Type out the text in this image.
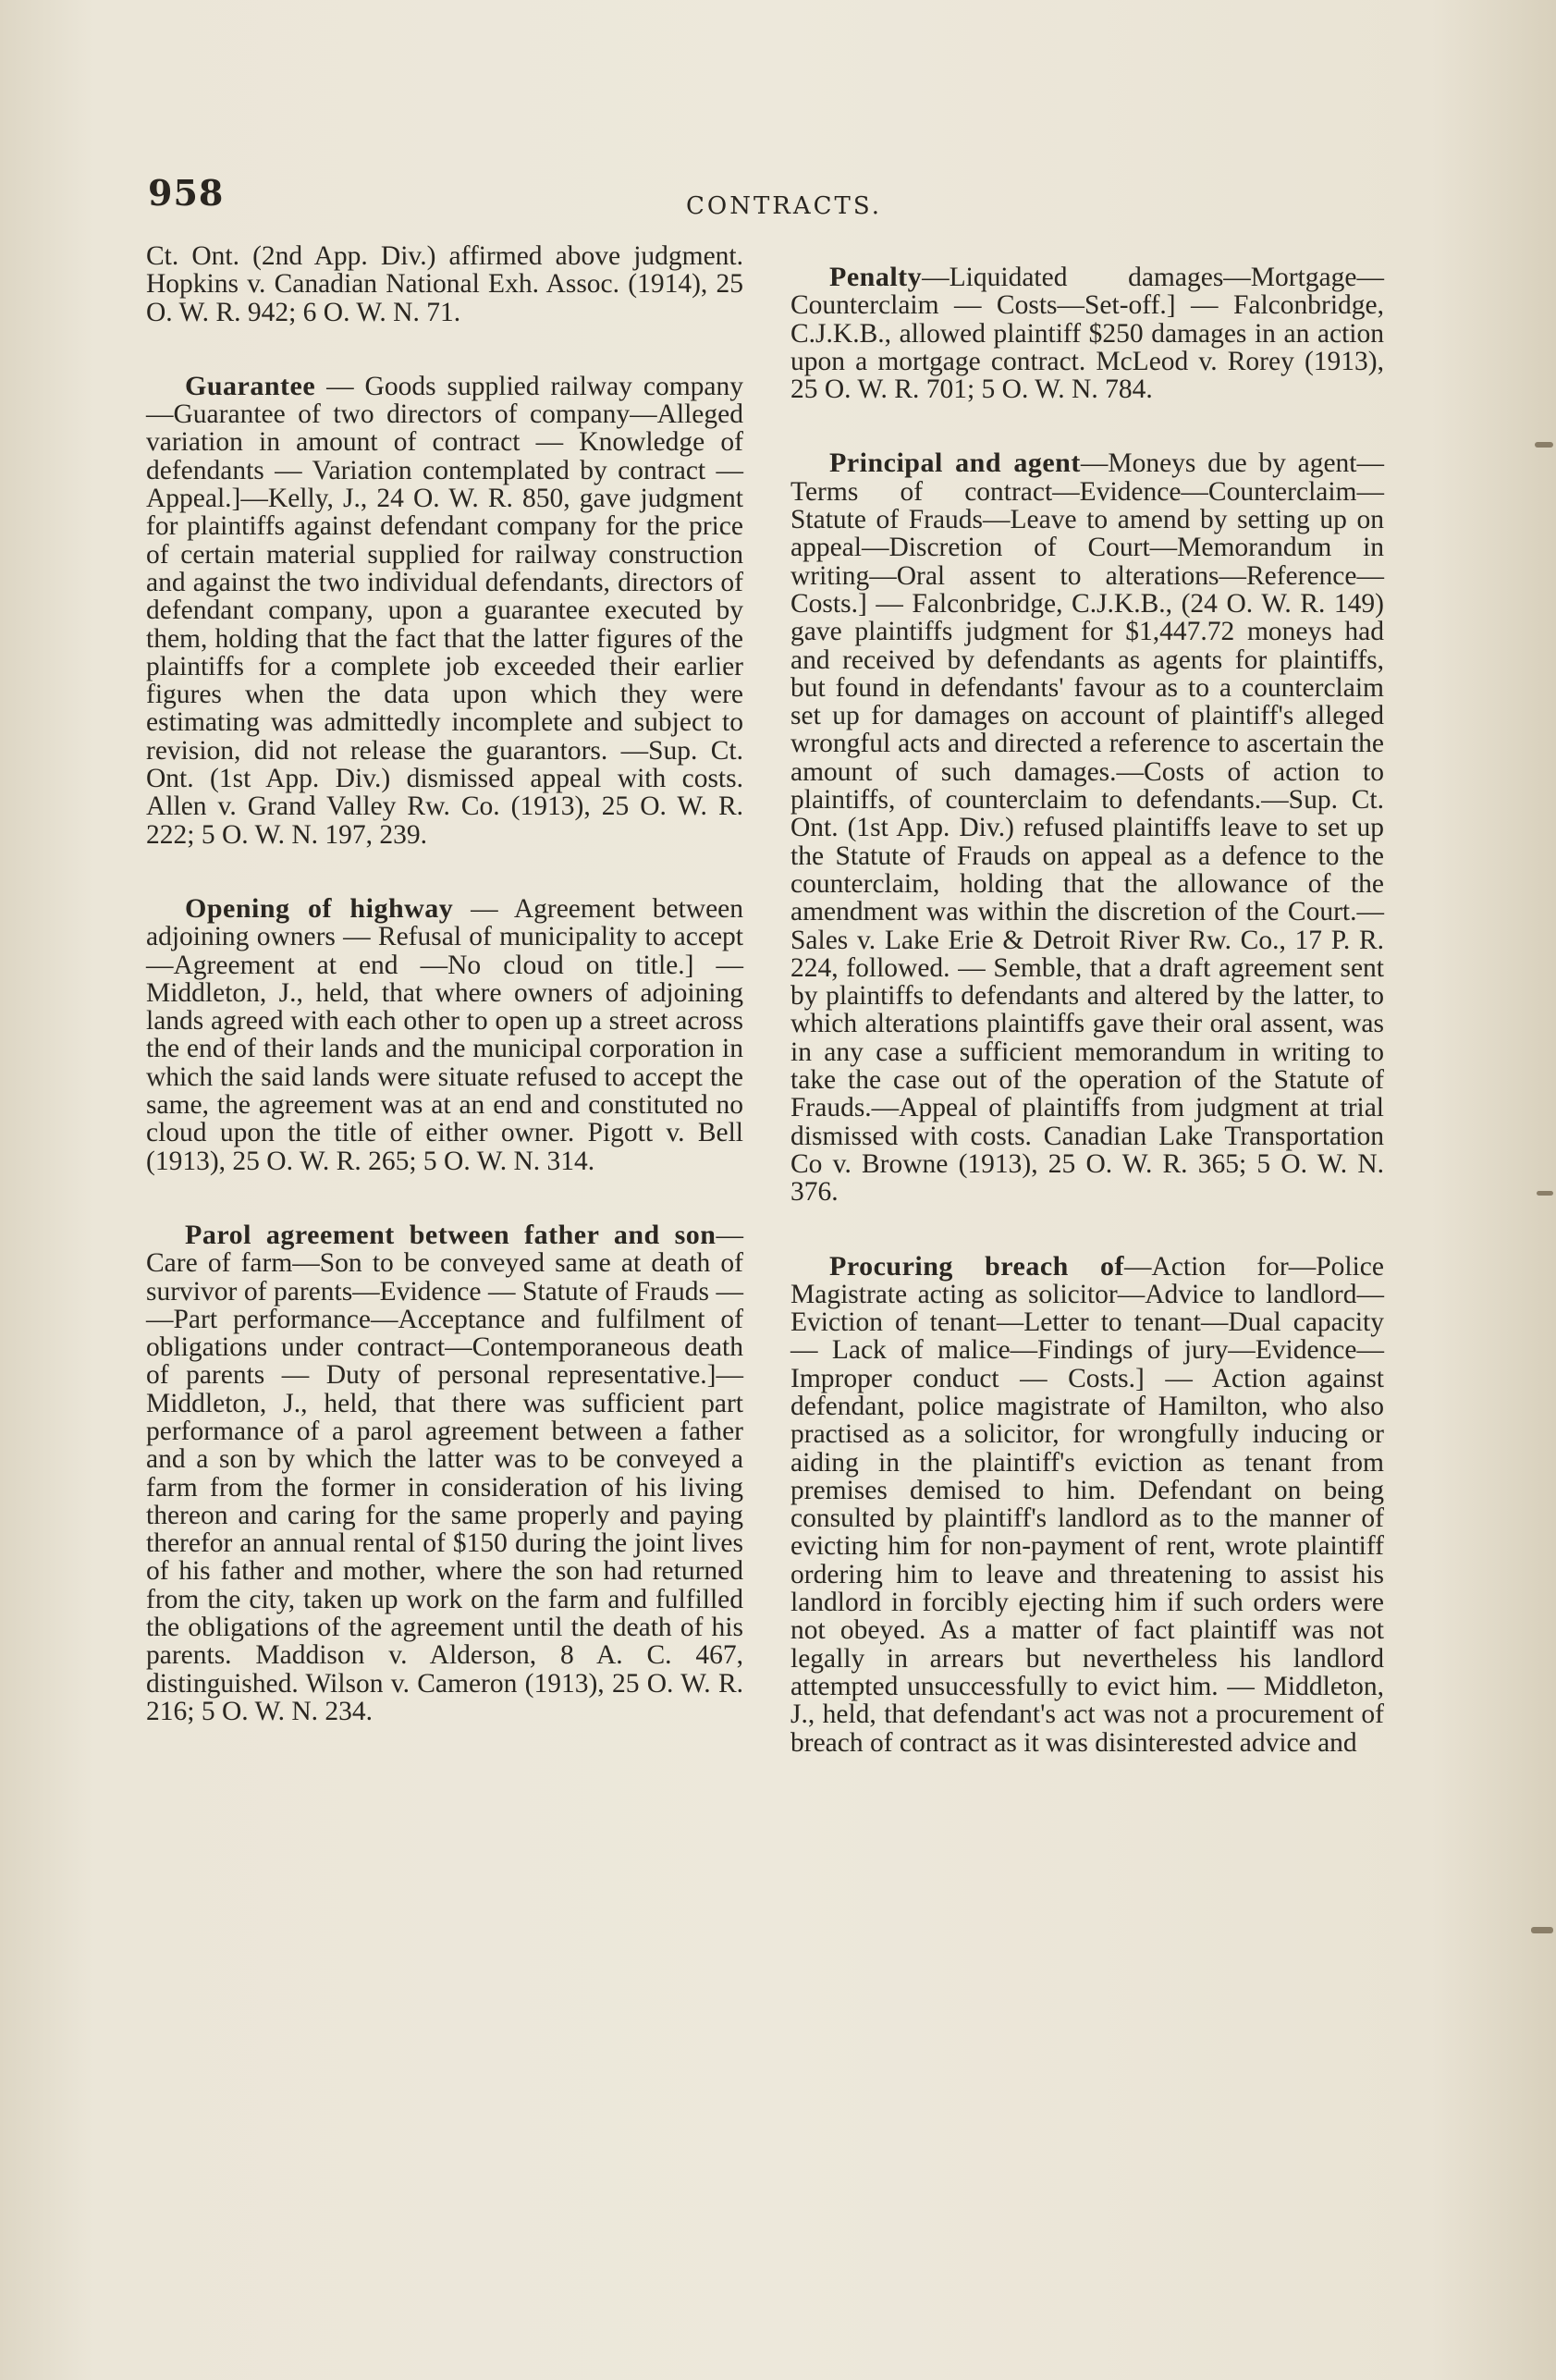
958	CONTRACTS.

Ct. Ont. (2nd App. Div.) affirmed above judgment. Hopkins v. Canadian National Exh. Assoc. (1914), 25 O. W. R. 942; 6 O. W. N. 71.

Guarantee — Goods supplied railway company—Guarantee of two directors of company—Alleged variation in amount of contract — Knowledge of defendants — Variation contemplated by contract — Appeal.]—Kelly, J., 24 O. W. R. 850, gave judgment for plaintiffs against defendant company for the price of certain material supplied for railway construction and against the two individual defendants, directors of defendant company, upon a guarantee executed by them, holding that the fact that the latter figures of the plaintiffs for a complete job exceeded their earlier figures when the data upon which they were estimating was admittedly incomplete and subject to revision, did not release the guarantors. —Sup. Ct. Ont. (1st App. Div.) dismissed appeal with costs. Allen v. Grand Valley Rw. Co. (1913), 25 O. W. R. 222; 5 O. W. N. 197, 239.

Opening of highway — Agreement between adjoining owners — Refusal of municipality to accept—Agreement at end —No cloud on title.] — Middleton, J., held, that where owners of adjoining lands agreed with each other to open up a street across the end of their lands and the municipal corporation in which the said lands were situate refused to accept the same, the agreement was at an end and constituted no cloud upon the title of either owner. Pigott v. Bell (1913), 25 O. W. R. 265; 5 O. W. N. 314.

Parol agreement between father and son—Care of farm—Son to be conveyed same at death of survivor of parents—Evidence — Statute of Frauds — —Part performance—Acceptance and fulfilment of obligations under contract—Contemporaneous death of parents — Duty of personal representative.]—Middleton, J., held, that there was sufficient part performance of a parol agreement between a father and a son by which the latter was to be conveyed a farm from the former in consideration of his living thereon and caring for the same properly and paying therefor an annual rental of $150 during the joint lives of his father and mother, where the son had returned from the city, taken up work on the farm and fulfilled the obligations of the agreement until the death of his parents. Maddison v. Alderson, 8 A. C. 467, distinguished. Wilson v. Cameron (1913), 25 O. W. R. 216; 5 O. W. N. 234.

Penalty—Liquidated damages—Mortgage—Counterclaim — Costs—Set-off.] — Falconbridge, C.J.K.B., allowed plaintiff $250 damages in an action upon a mortgage contract. McLeod v. Rorey (1913), 25 O. W. R. 701; 5 O. W. N. 784.

Principal and agent—Moneys due by agent—Terms of contract—Evidence—Counterclaim—Statute of Frauds—Leave to amend by setting up on appeal—Discretion of Court—Memorandum in writing—Oral assent to alterations—Reference—Costs.] — Falconbridge, C.J.K.B., (24 O. W. R. 149) gave plaintiffs judgment for $1,447.72 moneys had and received by defendants as agents for plaintiffs, but found in defendants' favour as to a counterclaim set up for damages on account of plaintiff's alleged wrongful acts and directed a reference to ascertain the amount of such damages.—Costs of action to plaintiffs, of counterclaim to defendants.—Sup. Ct. Ont. (1st App. Div.) refused plaintiffs leave to set up the Statute of Frauds on appeal as a defence to the counterclaim, holding that the allowance of the amendment was within the discretion of the Court.—Sales v. Lake Erie & Detroit River Rw. Co., 17 P. R. 224, followed. — Semble, that a draft agreement sent by plaintiffs to defendants and altered by the latter, to which alterations plaintiffs gave their oral assent, was in any case a sufficient memorandum in writing to take the case out of the operation of the Statute of Frauds.—Appeal of plaintiffs from judgment at trial dismissed with costs. Canadian Lake Transportation Co v. Browne (1913), 25 O. W. R. 365; 5 O. W. N. 376.

Procuring breach of—Action for—Police Magistrate acting as solicitor—Advice to landlord—Eviction of tenant—Letter to tenant—Dual capacity — Lack of malice—Findings of jury—Evidence—Improper conduct — Costs.] — Action against defendant, police magistrate of Hamilton, who also practised as a solicitor, for wrongfully inducing or aiding in the plaintiff's eviction as tenant from premises demised to him. Defendant on being consulted by plaintiff's landlord as to the manner of evicting him for non-payment of rent, wrote plaintiff ordering him to leave and threatening to assist his landlord in forcibly ejecting him if such orders were not obeyed. As a matter of fact plaintiff was not legally in arrears but nevertheless his landlord attempted unsuccessfully to evict him. — Middleton, J., held, that defendant's act was not a procurement of breach of contract as it was disinterested advice and
